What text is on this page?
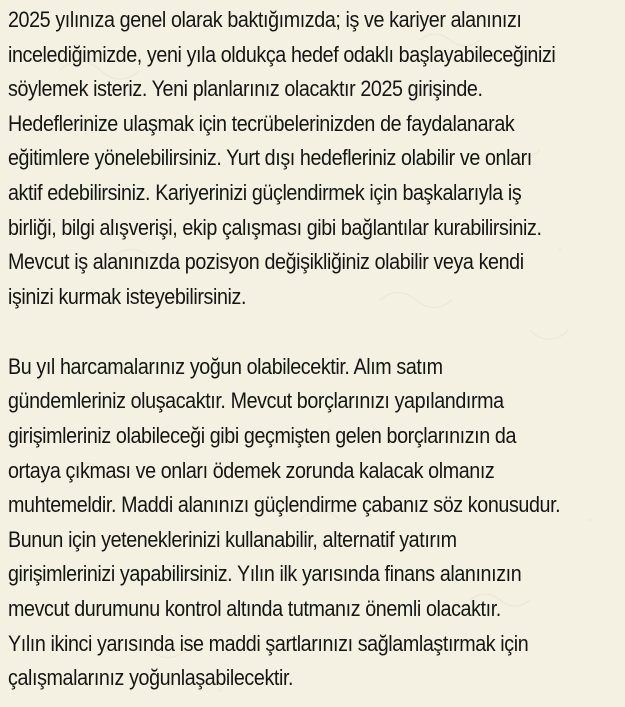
2025 yılınıza genel olarak baktığımızda; iş ve kariyer alanınızı
incelediğimizde, yeni yıla oldukça hedef odaklı başlayabileceğinizi
söylemek isteriz. Yeni planlarınız olacaktır 2025 girişinde.
Hedeflerinize ulaşmak için tecrübelerinizden de faydalanarak
eğitimlere yönelebilirsiniz. Yurt dışı hedefleriniz olabilir ve onları
aktif edebilirsiniz. Kariyerinizi güçlendirmek için başkalarıyla iş
birliği, bilgi alışverişi, ekip çalışması gibi bağlantılar kurabilirsiniz.
Mevcut iş alanınızda pozisyon değişikliğiniz olabilir veya kendi
işinizi kurmak isteyebilirsiniz.
Bu yıl harcamalarınız yoğun olabilecektir. Alım satım
gündemleriniz oluşacaktır. Mevcut borçlarınızı yapılandırma
girişimleriniz olabileceği gibi geçmişten gelen borçlarınızın da
ortaya çıkması ve onları ödemek zorunda kalacak olmanız
muhtemeldir. Maddi alanınızı güçlendirme çabanız söz konusudur.
Bunun için yeteneklerinizi kullanabilir, alternatif yatırım
girişimlerinizi yapabilirsiniz. Yılın ilk yarısında finans alanınızın
mevcut durumunu kontrol altında tutmanız önemli olacaktır.
Yılın ikinci yarısında ise maddi şartlarınızı sağlamlaştırmak için
çalışmalarınız yoğunlaşabilecektir.
